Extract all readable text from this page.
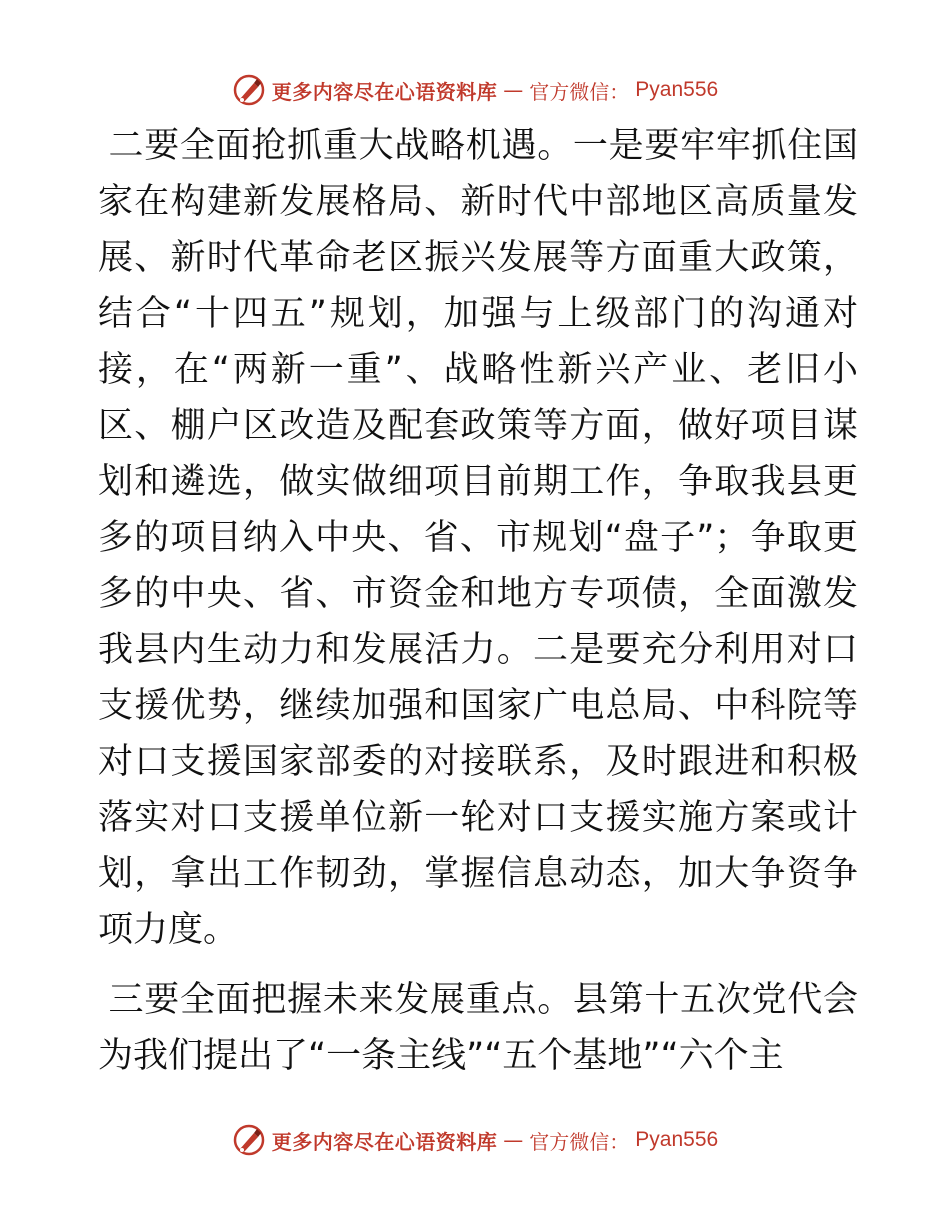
更多内容尽在心语资料库 — 官方微信： Pyan556

二要全面抢抓重大战略机遇。一是要牢牢抓住国家在构建新发展格局、新时代中部地区高质量发展、新时代革命老区振兴发展等方面重大政策，结合“十四五”规划，加强与上级部门的沟通对接，在“两新一重”、战略性新兴产业、老旧小区、棚户区改造及配套政策等方面，做好项目谋划和遴选，做实做细项目前期工作，争取我县更多的项目纳入中央、省、市规划“盘子”；争取更多的中央、省、市资金和地方专项债，全面激发我县内生动力和发展活力。二是要充分利用对口支援优势，继续加强和国家广电总局、中科院等对口支援国家部委的对接联系，及时跟进和积极落实对口支援单位新一轮对口支援实施方案或计划，拿出工作韧劲，掌握信息动态，加大争资争项力度。

三要全面把握未来发展重点。县第十五次党代会为我们提出了“一条主线”“五个基地”“六个主

更多内容尽在心语资料库 — 官方微信： Pyan556
